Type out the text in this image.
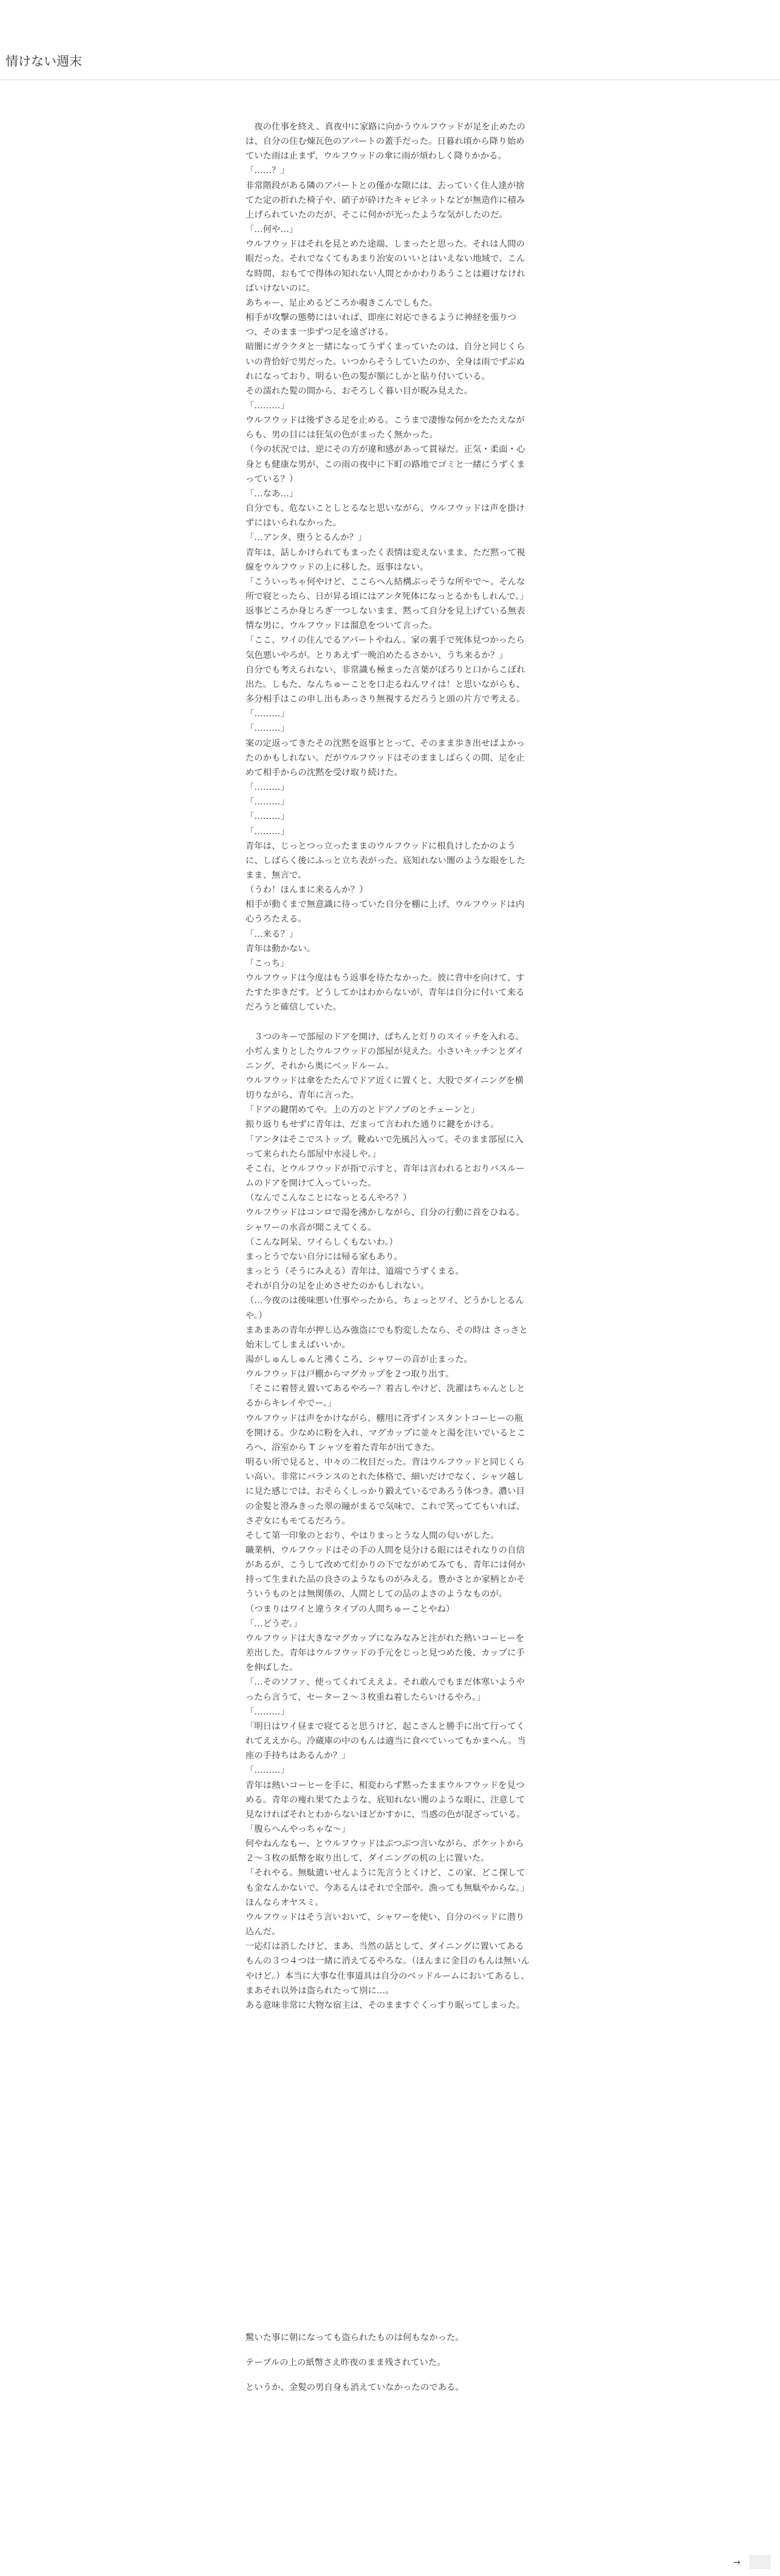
情けない週末

　夜の仕事を終え、真夜中に家路に向かうウルフウッドが足を止めたのは、自分の住む煉瓦色のアパートの蓋手だった。日暮れ頃から降り始めていた雨は止まず、ウルフウッドの傘に雨が煩わしく降りかかる。

「……？」

非常階段がある隣のアパートとの僅かな隙には、去っていく住人達が捨てた定の折れた椅子や、硝子が砕けたキャビネットなどが無造作に積み上げられていたのだが、そこに何かが光ったような気がしたのだ。

「…何や…」

ウルフウッドはそれを見とめた途端、しまったと思った。それは人間の眼だった。それでなくてもあまり治安のいいとはいえない地域で、こんな時間、おもてで得体の知れない人間とかかわりあうことは避けなければいけないのに。

あちゃー、足止めるどころか覗きこんでしもた。

相手が攻撃の態勢にはいれば、即座に対応できるように神経を張りつつ、そのまま一歩ずつ足を遠ざける。

暗闇にガラクタと一緒になってうずくまっていたのは、自分と同じくらいの背恰好で男だった。いつからそうしていたのか、全身は雨でずぶぬれになっており、明るい色の髪が額にしかと貼り付いている。

その濡れた髪の間から、おそろしく暮い目が睨み見えた。

「………」

ウルフウッドは後ずさる足を止める。こうまで凄惨な何かをたたえながらも、男の目には狂気の色がまったく無かった。

（今の状況では、逆にその方が違和感があって貫禄だ。正気・柔面・心身とも健康な男が、この雨の夜中に下町の路地でゴミと一緒にうずくまっている？）

「…なあ…」

自分でも、危ないことしとるなと思いながら、ウルフウッドは声を掛けずにはいられなかった。

「…アンタ、堕うとるんか？」

青年は、話しかけられてもまったく表情は変えないまま、ただ黙って視線をウルフウッドの上に移した。返事はない。

「こういっちゃ何やけど、ここらへん結構ぶっそうな所やで～。そんな所で寝とったら、日が昇る頃にはアンタ死体になっとるかもしれんで。」

返事どころか身じろぎ一つしないまま、黙って自分を見上げている無表情な男に、ウルフウッドは溜息をついて言った。

「ここ、ワイの住んでるアパートやねん。家の裏手で死体見つかったら気色悪いやろが。とりあえず一晩泊めたるさかい、うち来るか？」

自分でも考えられない、非常識も極まった言葉がぽろりと口からこぼれ出た。しもた、なんちゅーことを口走るねんワイは！と思いながらも、多分相手はこの申し出もあっさり無視するだろうと頭の片方で考える。

「………」

「………」

案の定返ってきたその沈黙を返事ととって、そのまま歩き出せばよかったのかもしれない。だがウルフウッドはそのまましばらくの間、足を止めて相手からの沈黙を受け取り続けた。

「………」

「………」

「………」

「………」

青年は、じっとつっ立ったままのウルフウッドに根負けしたかのように、しばらく後にふっと立ち表がった。底知れない闇のような眼をしたまま、無言で。

（うわ！ほんまに来るんか？）

相手が動くまで無意識に待っていた自分を棚に上げ、ウルフウッドは内心うろたえる。

「…来る？」

青年は動かない。

「こっち」

ウルフウッドは今度はもう返事を待たなかった。彼に背中を向けて、すたすた歩きだす。どうしてかはわからないが、青年は自分に付いて来るだろうと確信していた。

　３つのキーで部屋のドアを開け、ぱちんと灯りのスイッチを入れる。

小ぢんまりとしたウルフウッドの部屋が見えた。小さいキッチンとダイニング、それから奥にベッドルーム。

ウルフウッドは傘をたたんでドア近くに置くと、大股でダイニングを横切りながら、青年に言った。

「ドアの鍵閉めてや。上の方のとドアノブのとチェーンと」

振り返りもせずに青年は、だまって言われた通りに鍵をかける。

「アンタはそこでストップ。靴ぬいで先風呂入って。そのまま部屋に入って来られたら部屋中水浸しや。」

そこ右、とウルフウッドが指で示すと、青年は言われるとおりバスルームのドアを開けて入っていった。

（なんでこんなことになっとるんやろ？）

ウルフウッドはコンロで湯を沸かしながら、自分の行動に首をひねる。

シャワーの水音が聞こえてくる。

（こんな阿呆、ワイらしくもないわ。）

まっとうでない自分には帰る家もあり。

まっとう（そうにみえる）青年は、道端でうずくまる。

それが自分の足を止めさせたのかもしれない。

（…今夜のは後味悪い仕事やったから、ちょっとワイ、どうかしとるんや。）

まあまあの青年が押し込み強盗にでも豹変したなら、その時は さっさと始末してしまえばいいか。

湯がしゅんしゅんと沸くころ、シャワーの音が止まった。

ウルフウッドは戸棚からマグカップを２つ取り出す。

「そこに着替え置いてあるやろー？着古しやけど、洗濯はちゃんとしとるからキレイやでー。」

ウルフウッドは声をかけながら、棚用に斉ずインスタントコーヒーの瓶を開ける。少なめに粉を入れ、マグカップに並々と湯を注いでいるところへ、浴室から T シャツを着た青年が出てきた。

明るい所で見ると、中々の二枚目だった。背はウルフウッドと同じくらい高い。非常にバランスのとれた体格で、細いだけでなく、シャツ越しに見た感じでは、おそらくしっかり鍛えているであろう体つき。濃い目の金髪と澄みきった翠の瞳がまるで気味で、これで笑っててもいれば、さぞ女にもモてるだろう。

そして第一印象のとおり、やはりまっとうな人間の匂いがした。

職業柄、ウルフウッドはその手の人間を見分ける眼にはそれなりの自信があるが、こうして改めて灯かりの下でながめてみても、青年には何か持って生まれた品の良さのようなものがみえる。豊かさとか家柄とかそういうものとは無関係の、人間としての品のよさのようなものが。

（つまりはワイと違うタイプの人間ちゅーことやね）

「…どうぞ。」

ウルフウッドは大きなマグカップになみなみと注がれた熱いコーヒーを差出した。青年はウルフウッドの手元をじっと見つめた後、カップに手を伸ばした。

「…そのソファ、使ってくれてええよ。それ敢んでもまだ体寒いようやったら言うて、セーター２～３枚重ね着したらいけるやろ。」

「………」

「明日はワイ昼まで寝てると思うけど、起こさんと勝手に出て行ってくれてええから。冷蔵庫の中のもんは適当に食べていってもかまへん。当座の手持ちはあるんか？」

「………」

青年は熱いコーヒーを手に、相変わらず黙ったままウルフウッドを見つめる。青年の痩れ果てたような、底知れない闇のような眼に、注意して見なければそれとわからないほどかすかに、当惑の色が混ざっている。

「腹らへんやっちゃな～」

何やねんなもー、とウルフウッドはぶつぶつ言いながら、ポケットから２～３枚の紙幣を取り出して、ダイニングの机の上に置いた。

「それやる。無駄遣いせんように先言うとくけど、この家、どこ探しても金なんかないで。今あるんはそれで全部や。漁っても無駄やからな。」

ほんならオヤスミ。

ウルフウッドはそう言いおいて、シャワーを使い、自分のベッドに潜り込んだ。

一応灯は消したけど、まあ、当然の話として、ダイニングに置いてあるもんの３つ４つは一緒に消えてるやろな。（ほんまに金目のもんは無いんやけど。）本当に大事な仕事道具は自分のベッドルームにおいてあるし、まあそれ以外は盗られたって別に…。

ある意味非常に大物な宿主は、そのまますぐくっすり眠ってしまった。

驚いた事に朝になっても盗られたものは何もなかった。

テーブルの上の紙幣さえ昨夜のまま残されていた。

というか、金髪の男自身も消えていなかったのである。

→
